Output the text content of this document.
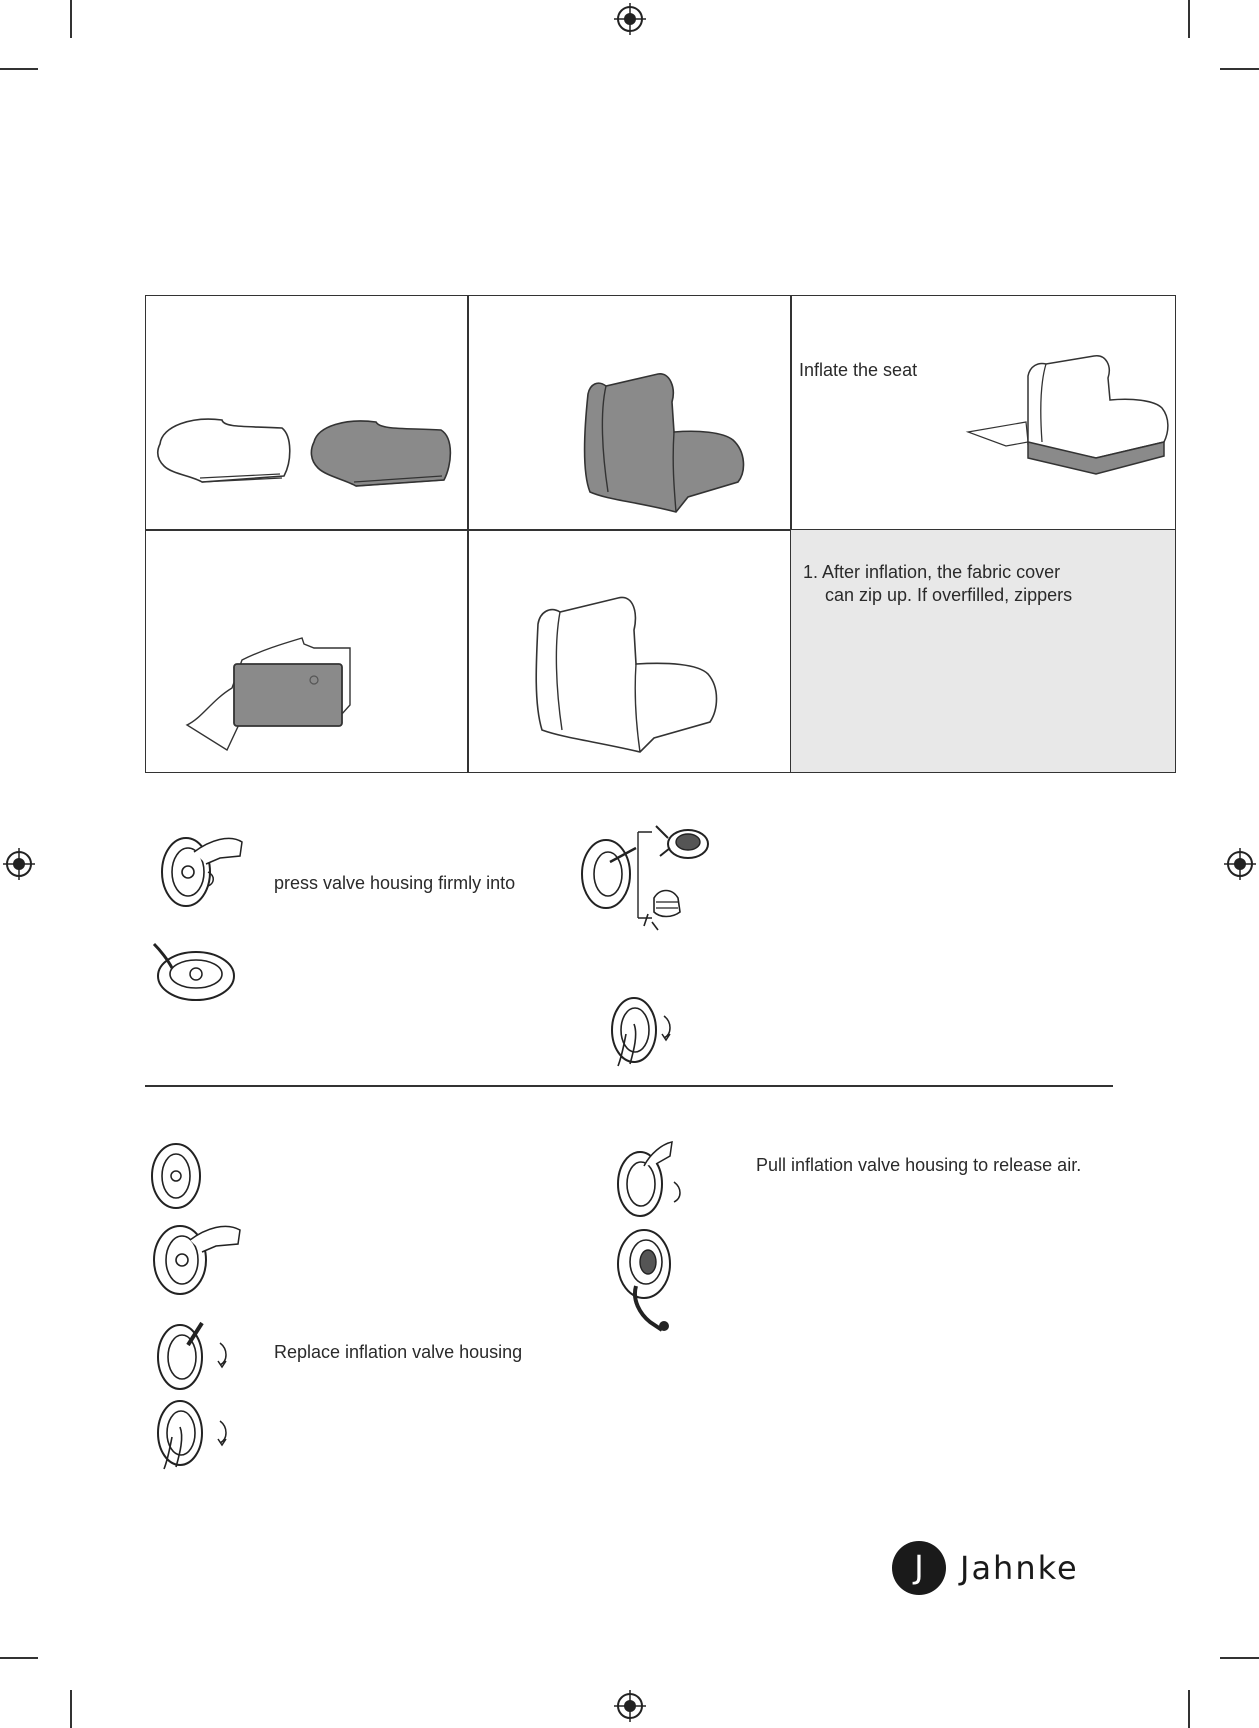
Inflate the seat
1. After inflation, the fabric cover
can zip up. If overfilled, zippers
press valve housing firmly into
Replace inflation valve housing
Pull inflation valve housing to release air.
J	Jahnke
